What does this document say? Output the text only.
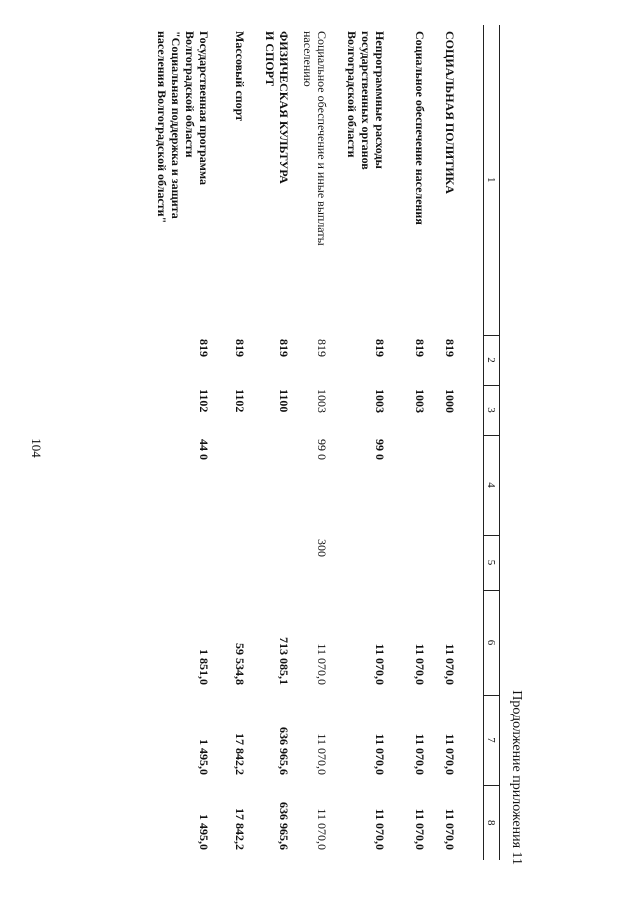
104
Продолжение приложения 11
1	2	3	4	5	6	7	8

СОЦИАЛЬНАЯ ПОЛИТИКА	819	1000			11 070,0	11 070,0	11 070,0

Социальное обеспечение населения	819	1003			11 070,0	11 070,0	11 070,0

Непрограммные расходы
государственных органов
Волгоградской области	819	1003	99 0		11 070,0	11 070,0	11 070,0

Социальное обеспечение и иные выплаты
населению	819	1003	99 0	300	11 070,0	11 070,0	11 070,0

ФИЗИЧЕСКАЯ КУЛЬТУРА
И СПОРТ	819	1100			713 085,1	636 965,6	636 965,6

Массовый спорт	819	1102			59 534,8	17 842,2	17 842,2

Государственная программа
Волгоградской области
"Социальная поддержка и защита
населения Волгоградской области"	819	1102	44 0		1 851,0	1 495,0	1 495,0
